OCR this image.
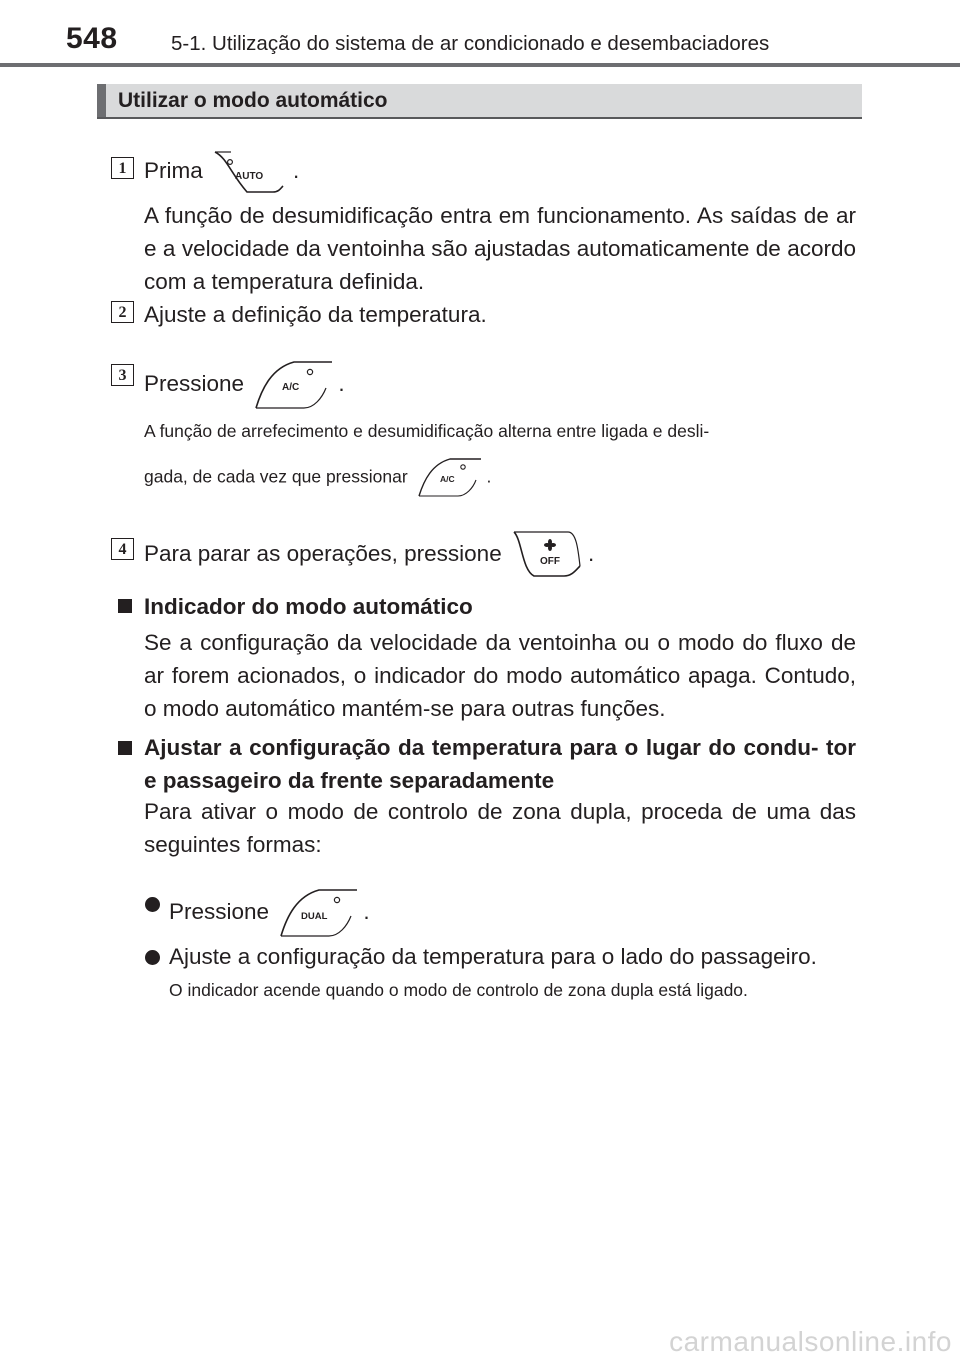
548	5-1. Utilização do sistema de ar condicionado e desembaciadores
Utilizar o modo automático
1 Prima	AUTO .
A função de desumidificação entra em funcionamento. As saídas de ar e a velocidade da ventoinha são ajustadas automaticamente de acordo com a temperatura definida.
2 Ajuste a definição da temperatura.
3 Pressione	A/C .
A função de arrefecimento e desumidificação alterna entre ligada e desli-
gada, de cada vez que pressionar	A/C .
4 Para parar as operações, pressione	OFF .
Indicador do modo automático
Se a configuração da velocidade da ventoinha ou o modo do fluxo de ar forem acionados, o indicador do modo automático apaga. Contudo, o modo automático mantém-se para outras funções.
Ajustar a configuração da temperatura para o lugar do condu- tor e passageiro da frente separadamente
Para ativar o modo de controlo de zona dupla, proceda de uma das seguintes formas:
Pressione	DUAL .
Ajuste a configuração da temperatura para o lado do passageiro.
O indicador acende quando o modo de controlo de zona dupla está ligado.
carmanualsonline.info
